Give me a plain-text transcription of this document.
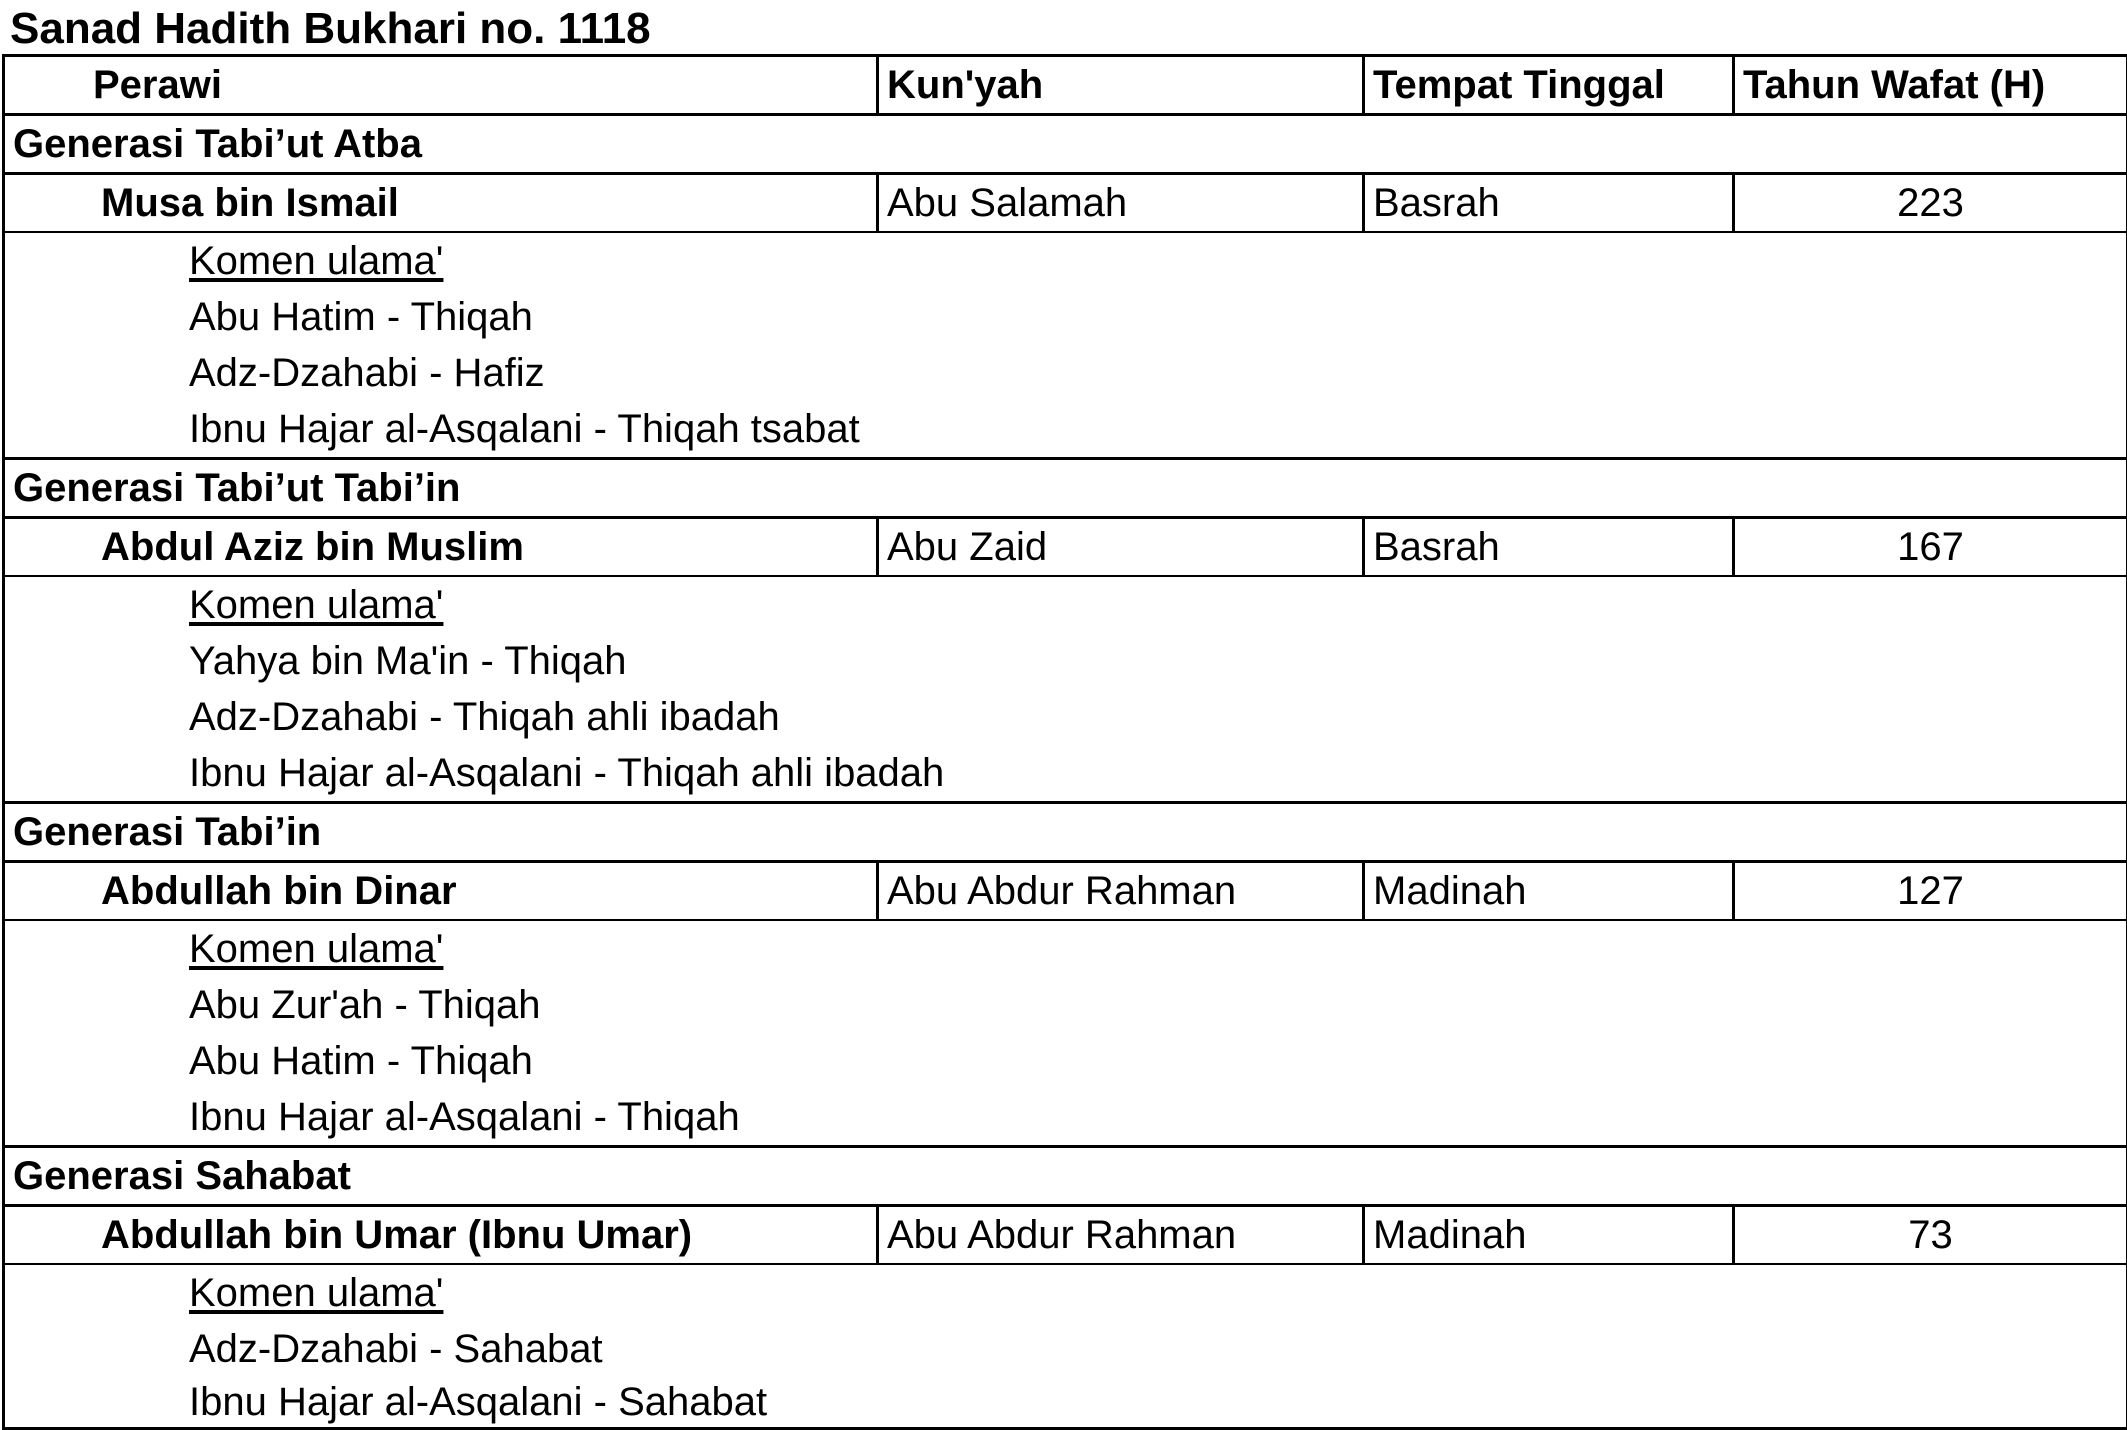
Sanad Hadith Bukhari no. 1118
Perawi	Kun'yah	Tempat Tinggal	Tahun Wafat (H)
Generasi Tabi’ut Atba			
Musa bin Ismail	Abu Salamah	Basrah	223

Komen ulama'
Abu Hatim - Thiqah
Adz-Dzahabi - Hafiz
Ibnu Hajar al-Asqalani - Thiqah tsabat			

Generasi Tabi’ut Tabi’in			
Abdul Aziz bin Muslim	Abu Zaid	Basrah	167

Komen ulama'
Yahya bin Ma'in - Thiqah
Adz-Dzahabi - Thiqah ahli ibadah
Ibnu Hajar al-Asqalani - Thiqah ahli ibadah			

Generasi Tabi’in			
Abdullah bin Dinar	Abu Abdur Rahman	Madinah	127

Komen ulama'
Abu Zur'ah - Thiqah
Abu Hatim - Thiqah
Ibnu Hajar al-Asqalani - Thiqah			

Generasi Sahabat			
Abdullah bin Umar (Ibnu Umar)	Abu Abdur Rahman	Madinah	73

Komen ulama'
Adz-Dzahabi - Sahabat
Ibnu Hajar al-Asqalani - Sahabat			
